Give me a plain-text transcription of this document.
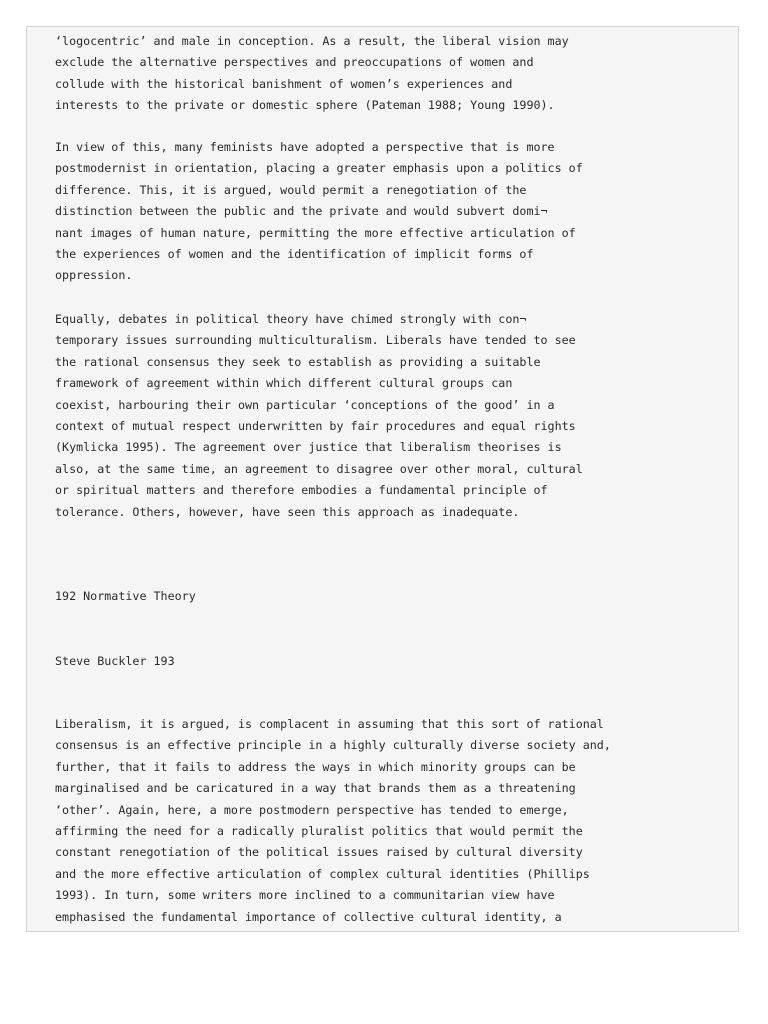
‘logocentric’ and male in conception. As a result, the liberal vision may
exclude the alternative perspectives and preoccupations of women and
collude with the historical banishment of women’s experiences and
interests to the private or domestic sphere (Pateman 1988; Young 1990).

In view of this, many feminists have adopted a perspective that is more
postmodernist in orientation, placing a greater emphasis upon a politics of
difference. This, it is argued, would permit a renegotiation of the
distinction between the public and the private and would subvert domi¬
nant images of human nature, permitting the more effective articulation of
the experiences of women and the identification of implicit forms of
oppression.

Equally, debates in political theory have chimed strongly with con¬
temporary issues surrounding multiculturalism. Liberals have tended to see
the rational consensus they seek to establish as providing a suitable
framework of agreement within which different cultural groups can
coexist, harbouring their own particular ‘conceptions of the good’ in a
context of mutual respect underwritten by fair procedures and equal rights
(Kymlicka 1995). The agreement over justice that liberalism theorises is
also, at the same time, an agreement to disagree over other moral, cultural
or spiritual matters and therefore embodies a fundamental principle of
tolerance. Others, however, have seen this approach as inadequate.

192 Normative Theory

Steve Buckler 193

Liberalism, it is argued, is complacent in assuming that this sort of rational
consensus is an effective principle in a highly culturally diverse society and,
further, that it fails to address the ways in which minority groups can be
marginalised and be caricatured in a way that brands them as a threatening
‘other’. Again, here, a more postmodern perspective has tended to emerge,
affirming the need for a radically pluralist politics that would permit the
constant renegotiation of the political issues raised by cultural diversity
and the more effective articulation of complex cultural identities (Phillips
1993). In turn, some writers more inclined to a communitarian view have
emphasised the fundamental importance of collective cultural identity, a
